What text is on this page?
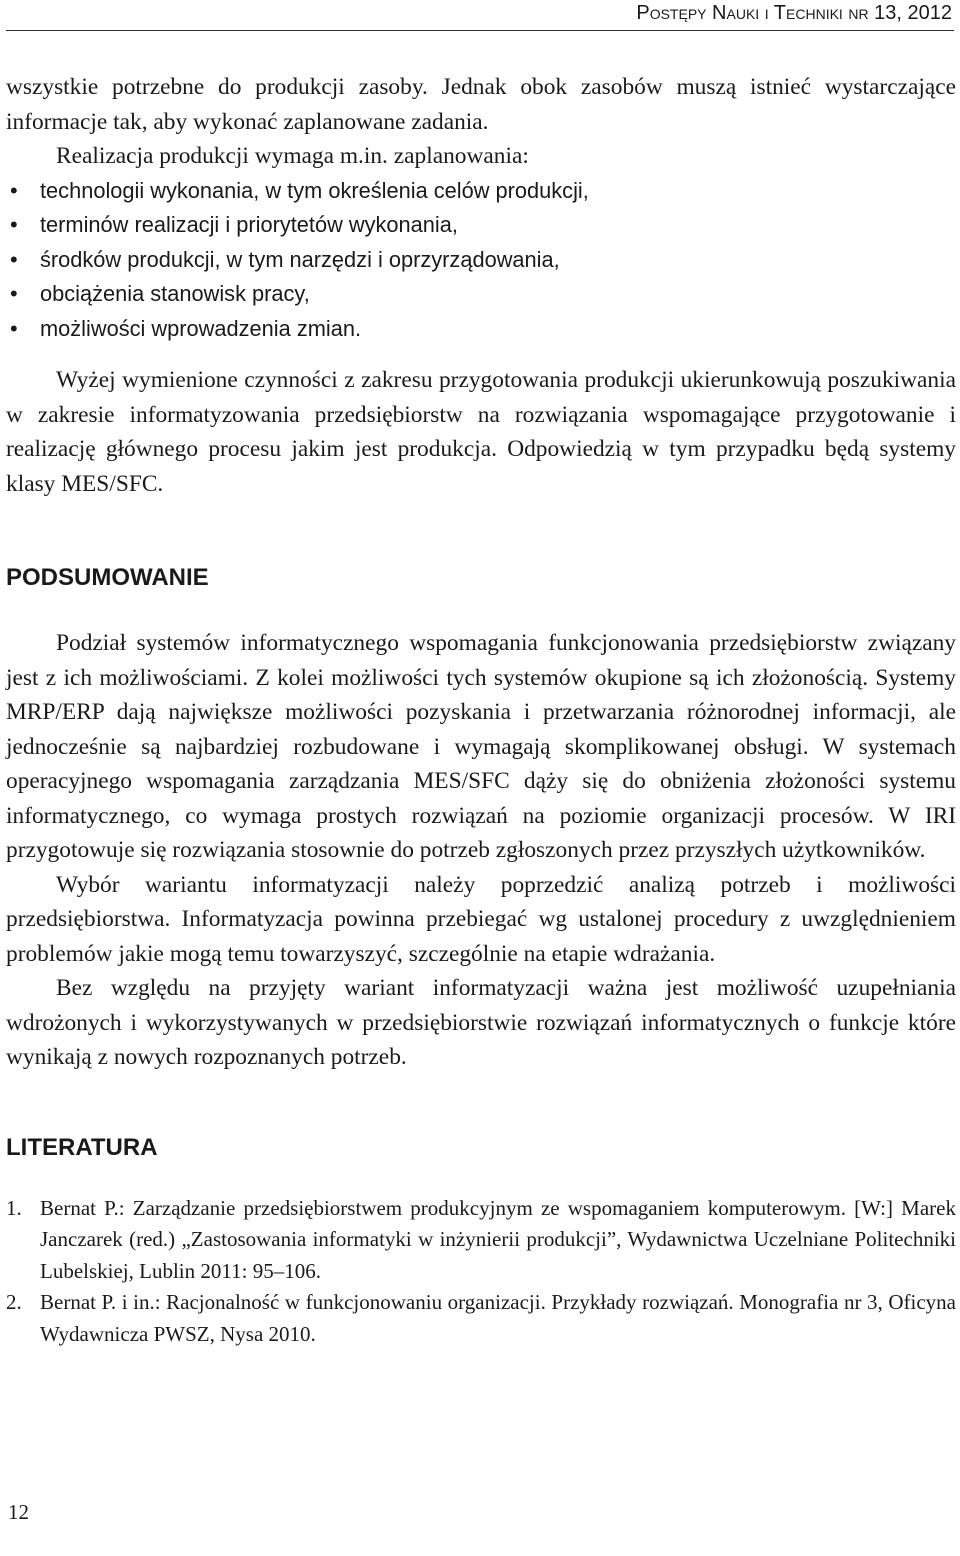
Postępy Nauki i Techniki nr 13, 2012

wszystkie potrzebne do produkcji zasoby. Jednak obok zasobów muszą istnieć wystarczające informacje tak, aby wykonać zaplanowane zadania.

Realizacja produkcji wymaga m.in. zaplanowania:

• technologii wykonania, w tym określenia celów produkcji,
• terminów realizacji i priorytetów wykonania,
• środków produkcji, w tym narzędzi i oprzyrządowania,
• obciążenia stanowisk pracy,
• możliwości wprowadzenia zmian.

Wyżej wymienione czynności z zakresu przygotowania produkcji ukierunkowują poszukiwania w zakresie informatyzowania przedsiębiorstw na rozwiązania wspomagające przygotowanie i realizację głównego procesu jakim jest produkcja. Odpowiedzią w tym przypadku będą systemy klasy MES/SFC.

PODSUMOWANIE

Podział systemów informatycznego wspomagania funkcjonowania przedsiębiorstw związany jest z ich możliwościami. Z kolei możliwości tych systemów okupione są ich złożonością. Systemy MRP/ERP dają największe możliwości pozyskania i przetwarzania różnorodnej informacji, ale jednocześnie są najbardziej rozbudowane i wymagają skomplikowanej obsługi. W systemach operacyjnego wspomagania zarządzania MES/SFC dąży się do obniżenia złożoności systemu informatycznego, co wymaga prostych rozwiązań na poziomie organizacji procesów. W IRI przygotowuje się rozwiązania stosownie do potrzeb zgłoszonych przez przyszłych użytkowników.

Wybór wariantu informatyzacji należy poprzedzić analizą potrzeb i możliwości przedsiębiorstwa. Informatyzacja powinna przebiegać wg ustalonej procedury z uwzględnieniem problemów jakie mogą temu towarzyszyć, szczególnie na etapie wdrażania.

Bez względu na przyjęty wariant informatyzacji ważna jest możliwość uzupełniania wdrożonych i wykorzystywanych w przedsiębiorstwie rozwiązań informatycznych o funkcje które wynikają z nowych rozpoznanych potrzeb.

LITERATURA
1. Bernat P.: Zarządzanie przedsiębiorstwem produkcyjnym ze wspomaganiem komputerowym. [W:] Marek Janczarek (red.) „Zastosowania informatyki w inżynierii produkcji”, Wydawnictwa Uczelniane Politechniki Lubelskiej, Lublin 2011: 95–106.
2. Bernat P. i in.: Racjonalność w funkcjonowaniu organizacji. Przykłady rozwiązań. Monografia nr 3, Oficyna Wydawnicza PWSZ, Nysa 2010.
12
